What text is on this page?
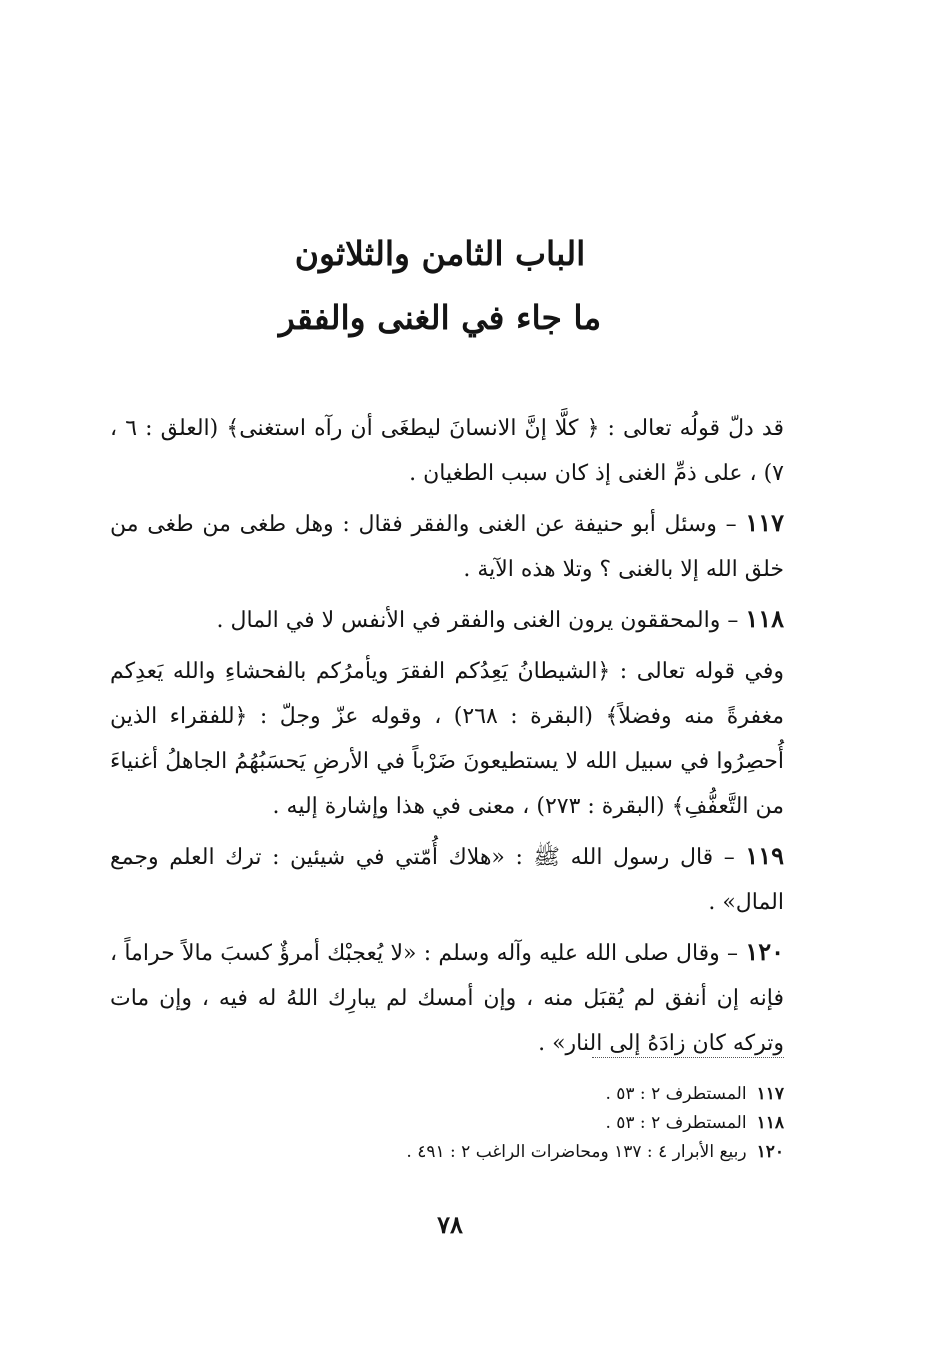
الباب الثامن والثلاثون

ما جاء في الغنى والفقر

قد دلّ قولُه تعالى : ﴿ كلَّا إنَّ الانسانَ ليطغَى أن رآه استغنى﴾ (العلق : ٦ ، ٧) ، على ذمِّ الغنى إذ كان سبب الطغيان .

١١٧ – وسئل أبو حنيفة عن الغنى والفقر فقال : وهل طغى من طغى من خلق الله إلا بالغنى ؟ وتلا هذه الآية .

١١٨ – والمحققون يرون الغنى والفقر في الأنفس لا في المال .

وفي قوله تعالى : ﴿الشيطانُ يَعِدُكم الفقرَ ويأمرُكم بالفحشاءِ والله يَعدِكم مغفرةً منه وفضلاً﴾ (البقرة : ٢٦٨) ، وقوله عزّ وجلّ : ﴿للفقراء الذين أُحصِرُوا في سبيل الله لا يستطيعونَ ضَرْباً في الأرضِ يَحسَبُهُمُ الجاهلُ أغنياءَ من التَّعفُّفِ﴾ (البقرة : ٢٧٣) ، معنى في هذا وإشارة إليه .

١١٩ – قال رسول الله ﷺ : «هلاك أُمّتي في شيئين : ترك العلم وجمع المال» .

١٢٠ – وقال صلى الله عليه وآله وسلم : «لا يُعجبْك أمرؤٌ كسبَ مالاً حراماً ، فإنه إن أنفق لم يُقبَل منه ، وإن أمسك لم يبارِك اللهُ له فيه ، وإن مات وتركه كان زادَهُ إلى النار» .

١١٧المستطرف ٢ : ٥٣ .

١١٨المستطرف ٢ : ٥٣ .

١٢٠ربيع الأبرار ٤ : ١٣٧ ومحاضرات الراغب ٢ : ٤٩١ .

٧٨
